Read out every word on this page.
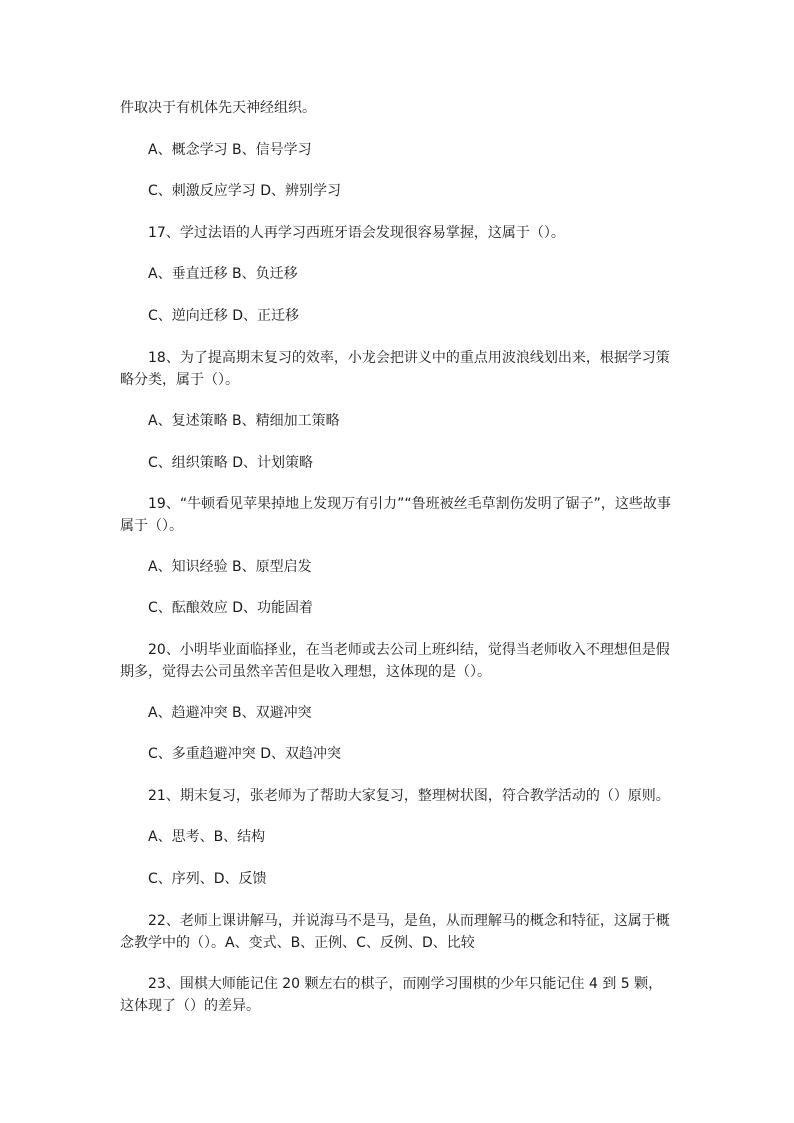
件取决于有机体先天神经组织。

A、概念学习 B、信号学习

C、刺激反应学习 D、辨别学习

17、学过法语的人再学习西班牙语会发现很容易掌握，这属于（）。

A、垂直迁移 B、负迁移

C、逆向迁移 D、正迁移

18、为了提高期末复习的效率，小龙会把讲义中的重点用波浪线划出来，根据学习策略分类，属于（）。

A、复述策略 B、精细加工策略

C、组织策略 D、计划策略

19、“牛顿看见苹果掉地上发现万有引力”“鲁班被丝毛草割伤发明了锯子”，这些故事属于（）。

A、知识经验 B、原型启发

C、酝酿效应 D、功能固着

20、小明毕业面临择业，在当老师或去公司上班纠结，觉得当老师收入不理想但是假期多，觉得去公司虽然辛苦但是收入理想，这体现的是（）。

A、趋避冲突 B、双避冲突

C、多重趋避冲突 D、双趋冲突

21、期末复习，张老师为了帮助大家复习，整理树状图，符合教学活动的（）原则。

A、思考、B、结构

C、序列、D、反馈

22、老师上课讲解马，并说海马不是马，是鱼，从而理解马的概念和特征，这属于概念教学中的（）。A、变式、B、正例、C、反例、D、比较

23、围棋大师能记住 20 颗左右的棋子，而刚学习围棋的少年只能记住 4 到 5 颗，这体现了（）的差异。
